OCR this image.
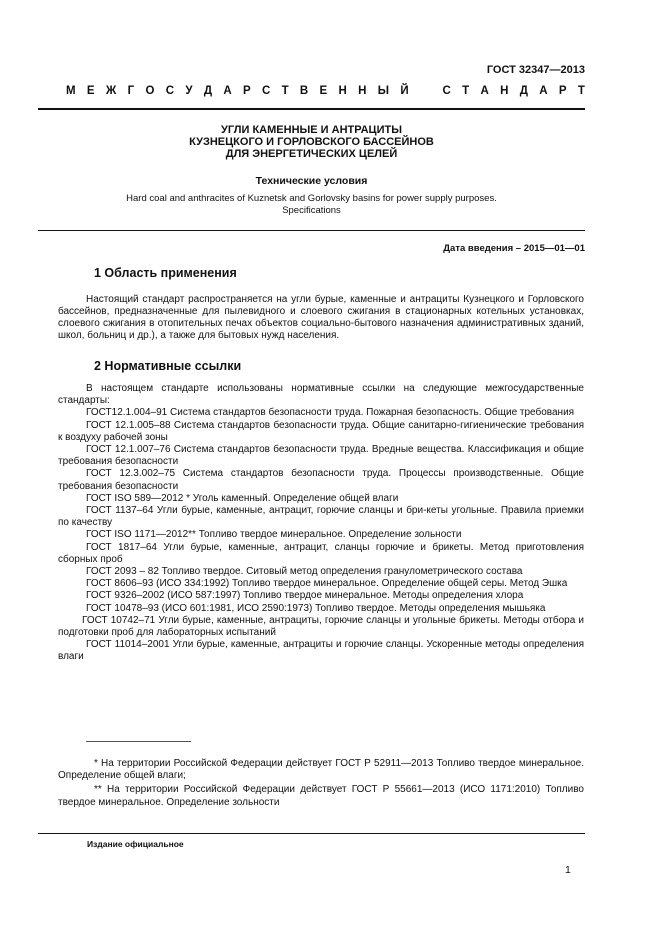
ГОСТ 32347—2013
М Е Ж Г О С У Д А Р С Т В Е Н Н Ы Й	С Т А Н Д А Р Т
УГЛИ КАМЕННЫЕ И АНТРАЦИТЫ
КУЗНЕЦКОГО И ГОРЛОВСКОГО БАССЕЙНОВ
ДЛЯ ЭНЕРГЕТИЧЕСКИХ ЦЕЛЕЙ
Технические условия
Hard coal and anthracites of Kuznetsk and Gorlovsky basins for power supply purposes.
Specifications
Дата введения – 2015—01—01
1 Область применения
Настоящий стандарт распространяется на угли бурые, каменные и антрациты Кузнецкого и Горловского бассейнов, предназначенные для пылевидного и слоевого сжигания в стационарных котельных установках, слоевого сжигания в отопительных печах объектов социально-бытового назначения административных зданий, школ, больниц и др.), а также для бытовых нужд населения.
2 Нормативные ссылки

В настоящем стандарте использованы нормативные ссылки на следующие межгосударственные стандарты:

ГОСТ12.1.004–91 Система стандартов безопасности труда. Пожарная безопасность. Общие требования

ГОСТ 12.1.005–88 Система стандартов безопасности труда. Общие санитарно-гигиенические требования к воздуху рабочей зоны

ГОСТ 12.1.007–76 Система стандартов безопасности труда. Вредные вещества. Классификация и общие требования безопасности

ГОСТ 12.3.002–75 Система стандартов безопасности труда. Процессы производственные. Общие требования безопасности

ГОСТ ISO 589—2012 * Уголь каменный. Определение общей влаги

ГОСТ 1137–64 Угли бурые, каменные, антрацит, горючие сланцы и бри-кеты угольные. Правила приемки по качеству

ГОСТ ISO 1171—2012** Топливо твердое минеральное. Определение зольности

ГОСТ 1817–64 Угли бурые, каменные, антрацит, сланцы горючие и брикеты. Метод приготовления сборных проб

ГОСТ 2093 – 82 Топливо твердое. Ситовый метод определения гранулометрического состава

ГОСТ 8606–93 (ИСО 334:1992) Топливо твердое минеральное. Определение общей серы. Метод Эшка

ГОСТ 9326–2002 (ИСО 587:1997) Топливо твердое минеральное. Методы определения хлора

ГОСТ 10478–93 (ИСО 601:1981, ИСО 2590:1973) Топливо твердое. Методы определения мышьяка

ГОСТ 10742–71 Угли бурые, каменные, антрациты, горючие сланцы и угольные брикеты. Методы отбора и подготовки проб для лабораторных испытаний

ГОСТ 11014–2001 Угли бурые, каменные, антрациты и горючие сланцы. Ускоренные методы определения влаги

* На территории Российской Федерации действует ГОСТ Р 52911—2013 Топливо твердое минеральное. Определение общей влаги;

** На территории Российской Федерации действует ГОСТ Р 55661—2013 (ИСО 1171:2010) Топливо твердое минеральное. Определение зольности

Издание официальное
1
